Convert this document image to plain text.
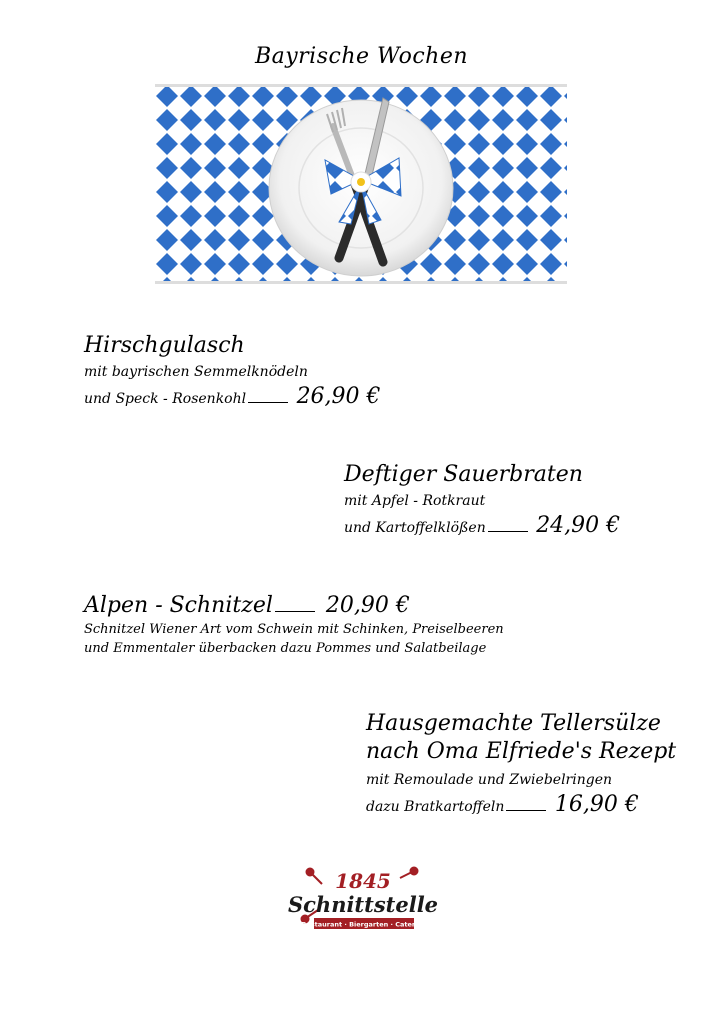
Bayrische Wochen
Hirschgulasch
mit bayrischen Semmelknödeln
und Speck - Rosenkohl 26,90 €
Deftiger Sauerbraten
mit Apfel - Rotkraut
und Kartoffelklößen 24,90 €
Alpen - Schnitzel 20,90 €
Schnitzel Wiener Art vom Schwein mit Schinken, Preiselbeeren
und Emmentaler überbacken dazu Pommes und Salatbeilage
Hausgemachte Tellersülze
nach Oma Elfriede's Rezept
mit Remoulade und Zwiebelringen
dazu Bratkartoffeln 16,90 €
1845
Schnittstelle
Restaurant · Biergarten · Catering
